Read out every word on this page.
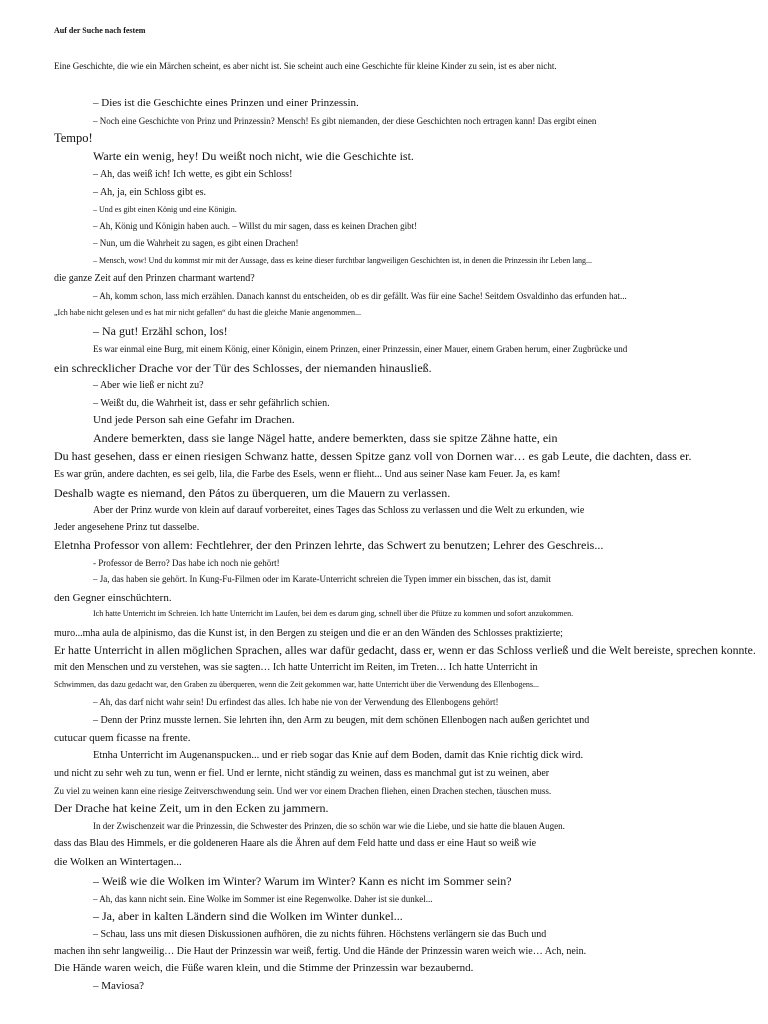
Auf der Suche nach festem
Eine Geschichte, die wie ein Märchen scheint, es aber nicht ist. Sie scheint auch eine Geschichte für kleine Kinder zu sein, ist es aber nicht.
– Dies ist die Geschichte eines Prinzen und einer Prinzessin.
– Noch eine Geschichte von Prinz und Prinzessin? Mensch! Es gibt niemanden, der diese Geschichten noch ertragen kann! Das ergibt einen
Tempo!
Warte ein wenig, hey! Du weißt noch nicht, wie die Geschichte ist.
– Ah, das weiß ich! Ich wette, es gibt ein Schloss!
– Ah, ja, ein Schloss gibt es.
– Und es gibt einen König und eine Königin.
– Ah, König und Königin haben auch. – Willst du mir sagen, dass es keinen Drachen gibt!
– Nun, um die Wahrheit zu sagen, es gibt einen Drachen!
– Mensch, wow! Und du kommst mir mit der Aussage, dass es keine dieser furchtbar langweiligen Geschichten ist, in denen die Prinzessin ihr Leben lang...
die ganze Zeit auf den Prinzen charmant wartend?
– Ah, komm schon, lass mich erzählen. Danach kannst du entscheiden, ob es dir gefällt. Was für eine Sache! Seitdem Osvaldinho das erfunden hat...
„Ich habe nicht gelesen und es hat mir nicht gefallen“ du hast die gleiche Manie angenommen...
– Na gut! Erzähl schon, los!
Es war einmal eine Burg, mit einem König, einer Königin, einem Prinzen, einer Prinzessin, einer Mauer, einem Graben herum, einer Zugbrücke und
ein schrecklicher Drache vor der Tür des Schlosses, der niemanden hinausließ.
– Aber wie ließ er nicht zu?
– Weißt du, die Wahrheit ist, dass er sehr gefährlich schien.
Und jede Person sah eine Gefahr im Drachen.
Andere bemerkten, dass sie lange Nägel hatte, andere bemerkten, dass sie spitze Zähne hatte, ein
Du hast gesehen, dass er einen riesigen Schwanz hatte, dessen Spitze ganz voll von Dornen war… es gab Leute, die dachten, dass er.
Es war grün, andere dachten, es sei gelb, lila, die Farbe des Esels, wenn er flieht... Und aus seiner Nase kam Feuer. Ja, es kam!
Deshalb wagte es niemand, den Pátos zu überqueren, um die Mauern zu verlassen.
Aber der Prinz wurde von klein auf darauf vorbereitet, eines Tages das Schloss zu verlassen und die Welt zu erkunden, wie
Jeder angesehene Prinz tut dasselbe.
Eletnha Professor von allem: Fechtlehrer, der den Prinzen lehrte, das Schwert zu benutzen; Lehrer des Geschreis...
- Professor de Berro? Das habe ich noch nie gehört!
– Ja, das haben sie gehört. In Kung-Fu-Filmen oder im Karate-Unterricht schreien die Typen immer ein bisschen, das ist, damit
den Gegner einschüchtern.
Ich hatte Unterricht im Schreien. Ich hatte Unterricht im Laufen, bei dem es darum ging, schnell über die Pfütze zu kommen und sofort anzukommen.
muro...mha aula de alpinismo, das die Kunst ist, in den Bergen zu steigen und die er an den Wänden des Schlosses praktizierte;
Er hatte Unterricht in allen möglichen Sprachen, alles war dafür gedacht, dass er, wenn er das Schloss verließ und die Welt bereiste, sprechen konnte.
mit den Menschen und zu verstehen, was sie sagten… Ich hatte Unterricht im Reiten, im Treten… Ich hatte Unterricht in
Schwimmen, das dazu gedacht war, den Graben zu überqueren, wenn die Zeit gekommen war, hatte Unterricht über die Verwendung des Ellenbogens...
– Ah, das darf nicht wahr sein! Du erfindest das alles. Ich habe nie von der Verwendung des Ellenbogens gehört!
– Denn der Prinz musste lernen. Sie lehrten ihn, den Arm zu beugen, mit dem schönen Ellenbogen nach außen gerichtet und
cutucar quem ficasse na frente.
Etnha Unterricht im Augenanspucken... und er rieb sogar das Knie auf dem Boden, damit das Knie richtig dick wird.
und nicht zu sehr weh zu tun, wenn er fiel. Und er lernte, nicht ständig zu weinen, dass es manchmal gut ist zu weinen, aber
Zu viel zu weinen kann eine riesige Zeitverschwendung sein. Und wer vor einem Drachen fliehen, einen Drachen stechen, täuschen muss.
Der Drache hat keine Zeit, um in den Ecken zu jammern.
In der Zwischenzeit war die Prinzessin, die Schwester des Prinzen, die so schön war wie die Liebe, und sie hatte die blauen Augen.
dass das Blau des Himmels, er die goldeneren Haare als die Ähren auf dem Feld hatte und dass er eine Haut so weiß wie
die Wolken an Wintertagen...
– Weiß wie die Wolken im Winter? Warum im Winter? Kann es nicht im Sommer sein?
– Ah, das kann nicht sein. Eine Wolke im Sommer ist eine Regenwolke. Daher ist sie dunkel...
– Ja, aber in kalten Ländern sind die Wolken im Winter dunkel...
– Schau, lass uns mit diesen Diskussionen aufhören, die zu nichts führen. Höchstens verlängern sie das Buch und
machen ihn sehr langweilig… Die Haut der Prinzessin war weiß, fertig. Und die Hände der Prinzessin waren weich wie… Ach, nein.
Die Hände waren weich, die Füße waren klein, und die Stimme der Prinzessin war bezaubernd.
– Maviosa?
